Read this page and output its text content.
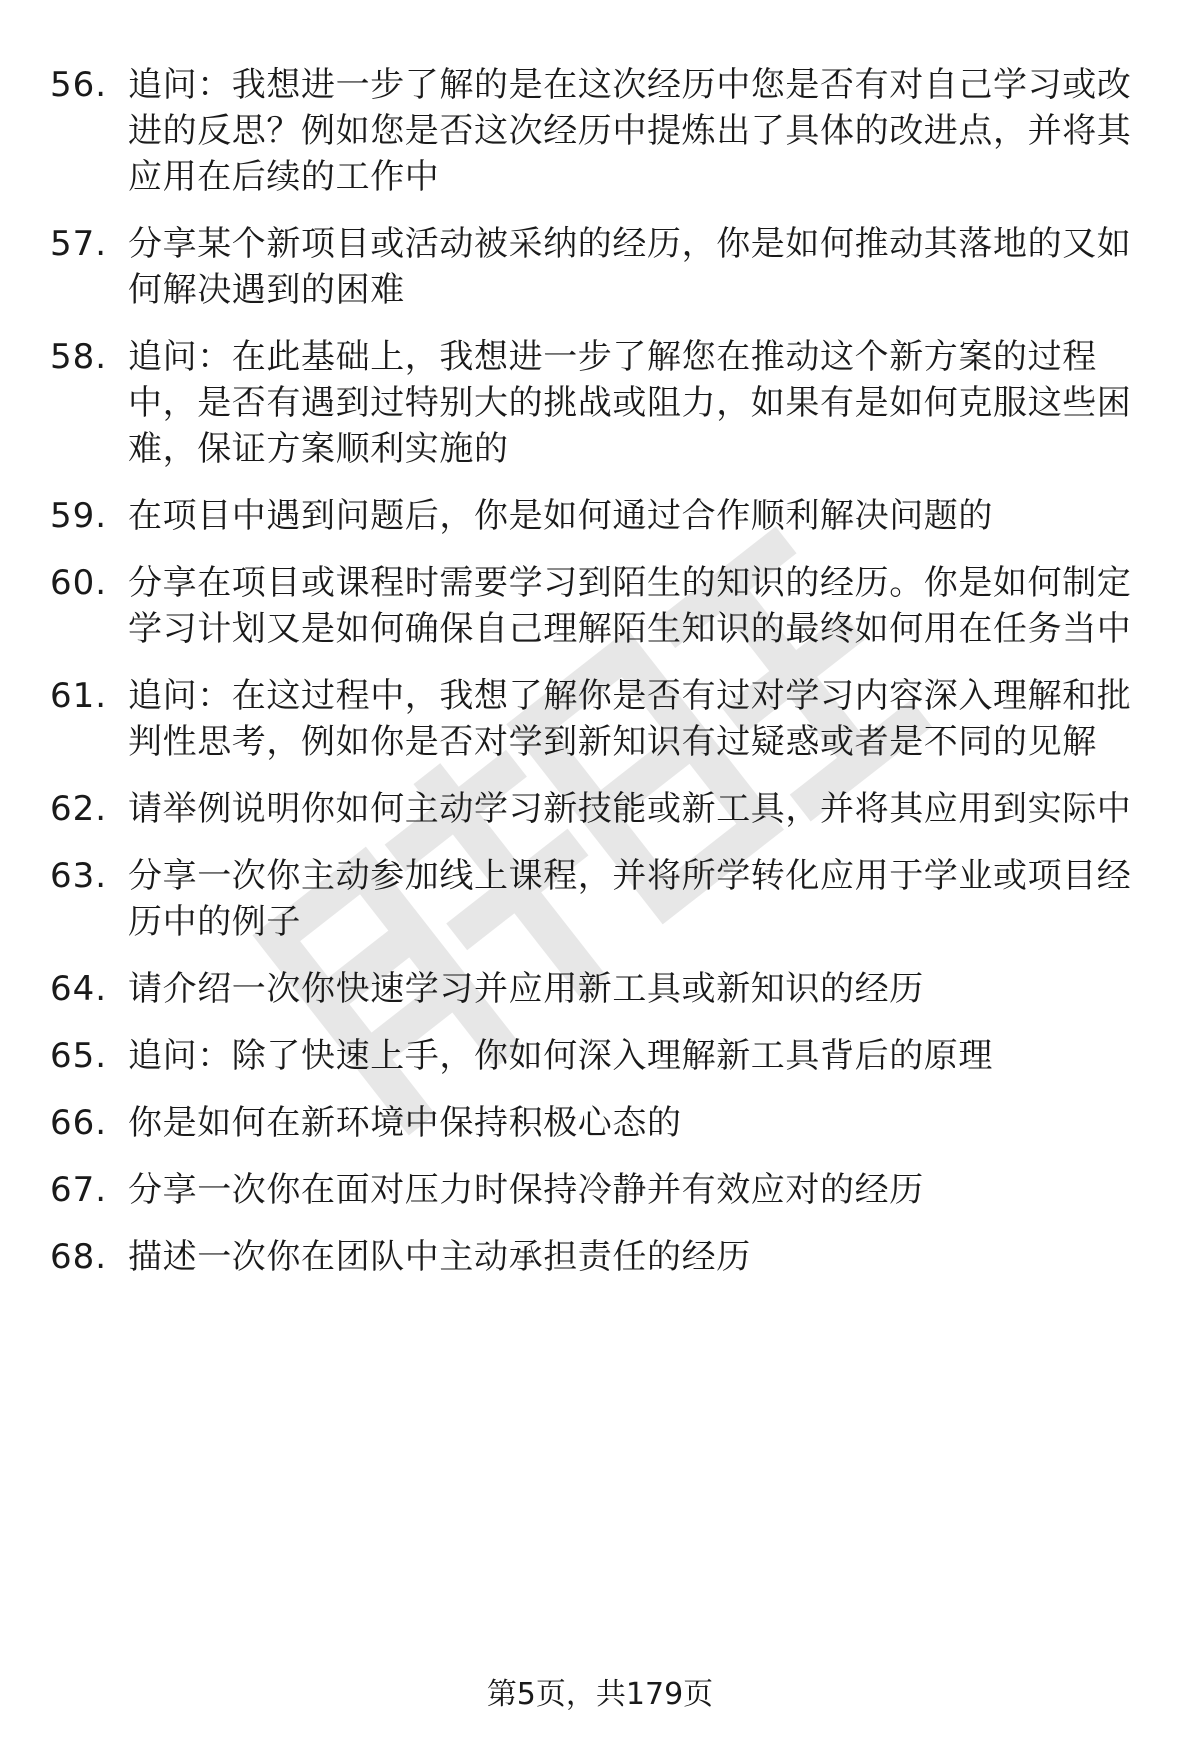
56. 追问：我想进一步了解的是在这次经历中您是否有对自己学习或改进的反思？例如您是否这次经历中提炼出了具体的改进点，并将其应用在后续的工作中
57. 分享某个新项目或活动被采纳的经历，你是如何推动其落地的又如何解决遇到的困难
58. 追问：在此基础上，我想进一步了解您在推动这个新方案的过程中，是否有遇到过特别大的挑战或阻力，如果有是如何克服这些困难，保证方案顺利实施的
59. 在项目中遇到问题后，你是如何通过合作顺利解决问题的
60. 分享在项目或课程时需要学习到陌生的知识的经历。你是如何制定学习计划又是如何确保自己理解陌生知识的最终如何用在任务当中
61. 追问：在这过程中，我想了解你是否有过对学习内容深入理解和批判性思考，例如你是否对学到新知识有过疑惑或者是不同的见解
62. 请举例说明你如何主动学习新技能或新工具，并将其应用到实际中
63. 分享一次你主动参加线上课程，并将所学转化应用于学业或项目经历中的例子
64. 请介绍一次你快速学习并应用新工具或新知识的经历
65. 追问：除了快速上手，你如何深入理解新工具背后的原理
66. 你是如何在新环境中保持积极心态的
67. 分享一次你在面对压力时保持冷静并有效应对的经历
68. 描述一次你在团队中主动承担责任的经历
第5页，共179页
